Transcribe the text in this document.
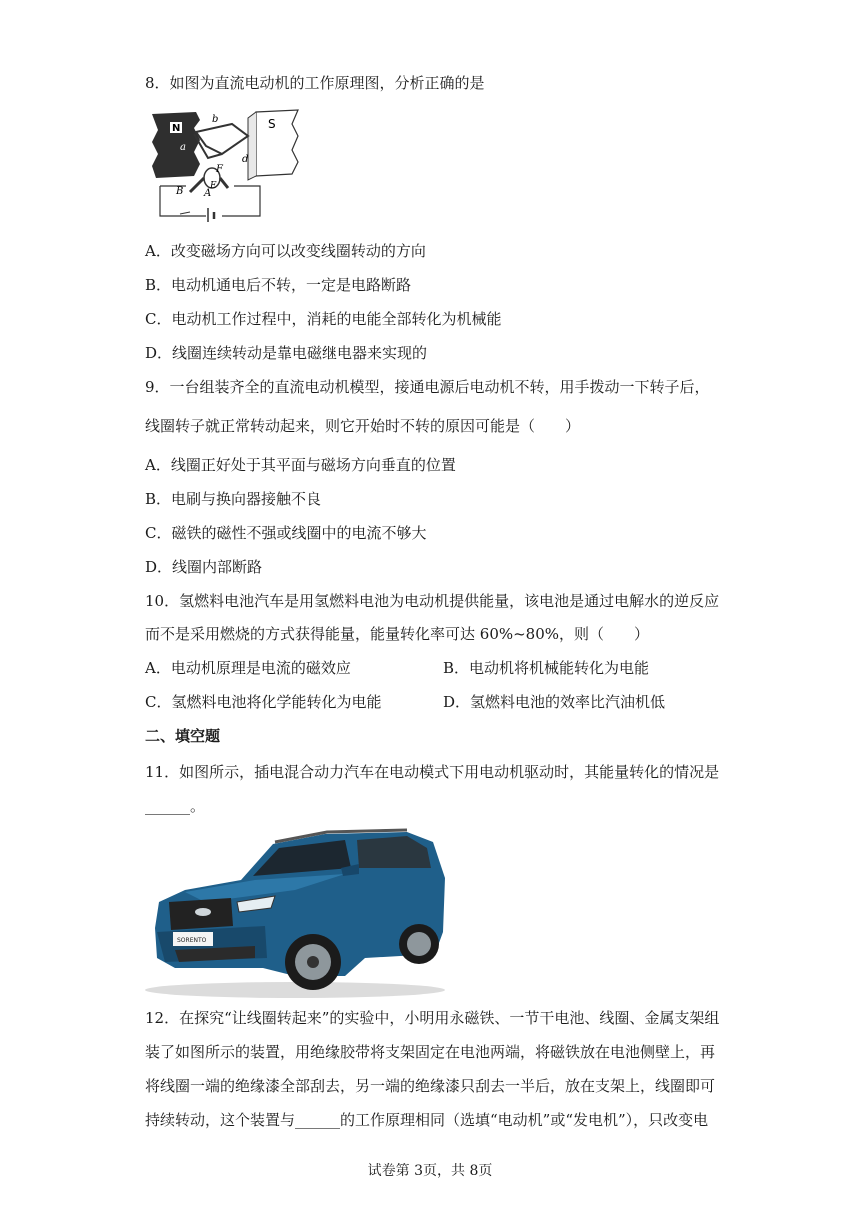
8．如图为直流电动机的工作原理图，分析正确的是
N
a
S
b
d
F
E
B A
A．改变磁场方向可以改变线圈转动的方向
B．电动机通电后不转，一定是电路断路
C．电动机工作过程中，消耗的电能全部转化为机械能
D．线圈连续转动是靠电磁继电器来实现的
9．一台组装齐全的直流电动机模型，接通电源后电动机不转，用手拨动一下转子后，
线圈转子就正常转动起来，则它开始时不转的原因可能是（　　）
A．线圈正好处于其平面与磁场方向垂直的位置
B．电刷与换向器接触不良
C．磁铁的磁性不强或线圈中的电流不够大
D．线圈内部断路
10．氢燃料电池汽车是用氢燃料电池为电动机提供能量，该电池是通过电解水的逆反应
而不是采用燃烧的方式获得能量，能量转化率可达 60%~80%，则（　　）
A．电动机原理是电流的磁效应	B．电动机将机械能转化为电能
C．氢燃料电池将化学能转化为电能	D．氢燃料电池的效率比汽油机低
二、填空题
11．如图所示，插电混合动力汽车在电动模式下用电动机驱动时，其能量转化的情况是
______。
SORENTO
12．在探究“让线圈转起来”的实验中，小明用永磁铁、一节干电池、线圈、金属支架组
装了如图所示的装置，用绝缘胶带将支架固定在电池两端，将磁铁放在电池侧壁上，再
将线圈一端的绝缘漆全部刮去，另一端的绝缘漆只刮去一半后，放在支架上，线圈即可
持续转动，这个装置与______的工作原理相同（选填“电动机”或“发电机”），只改变电
试卷第 3页，共 8页
